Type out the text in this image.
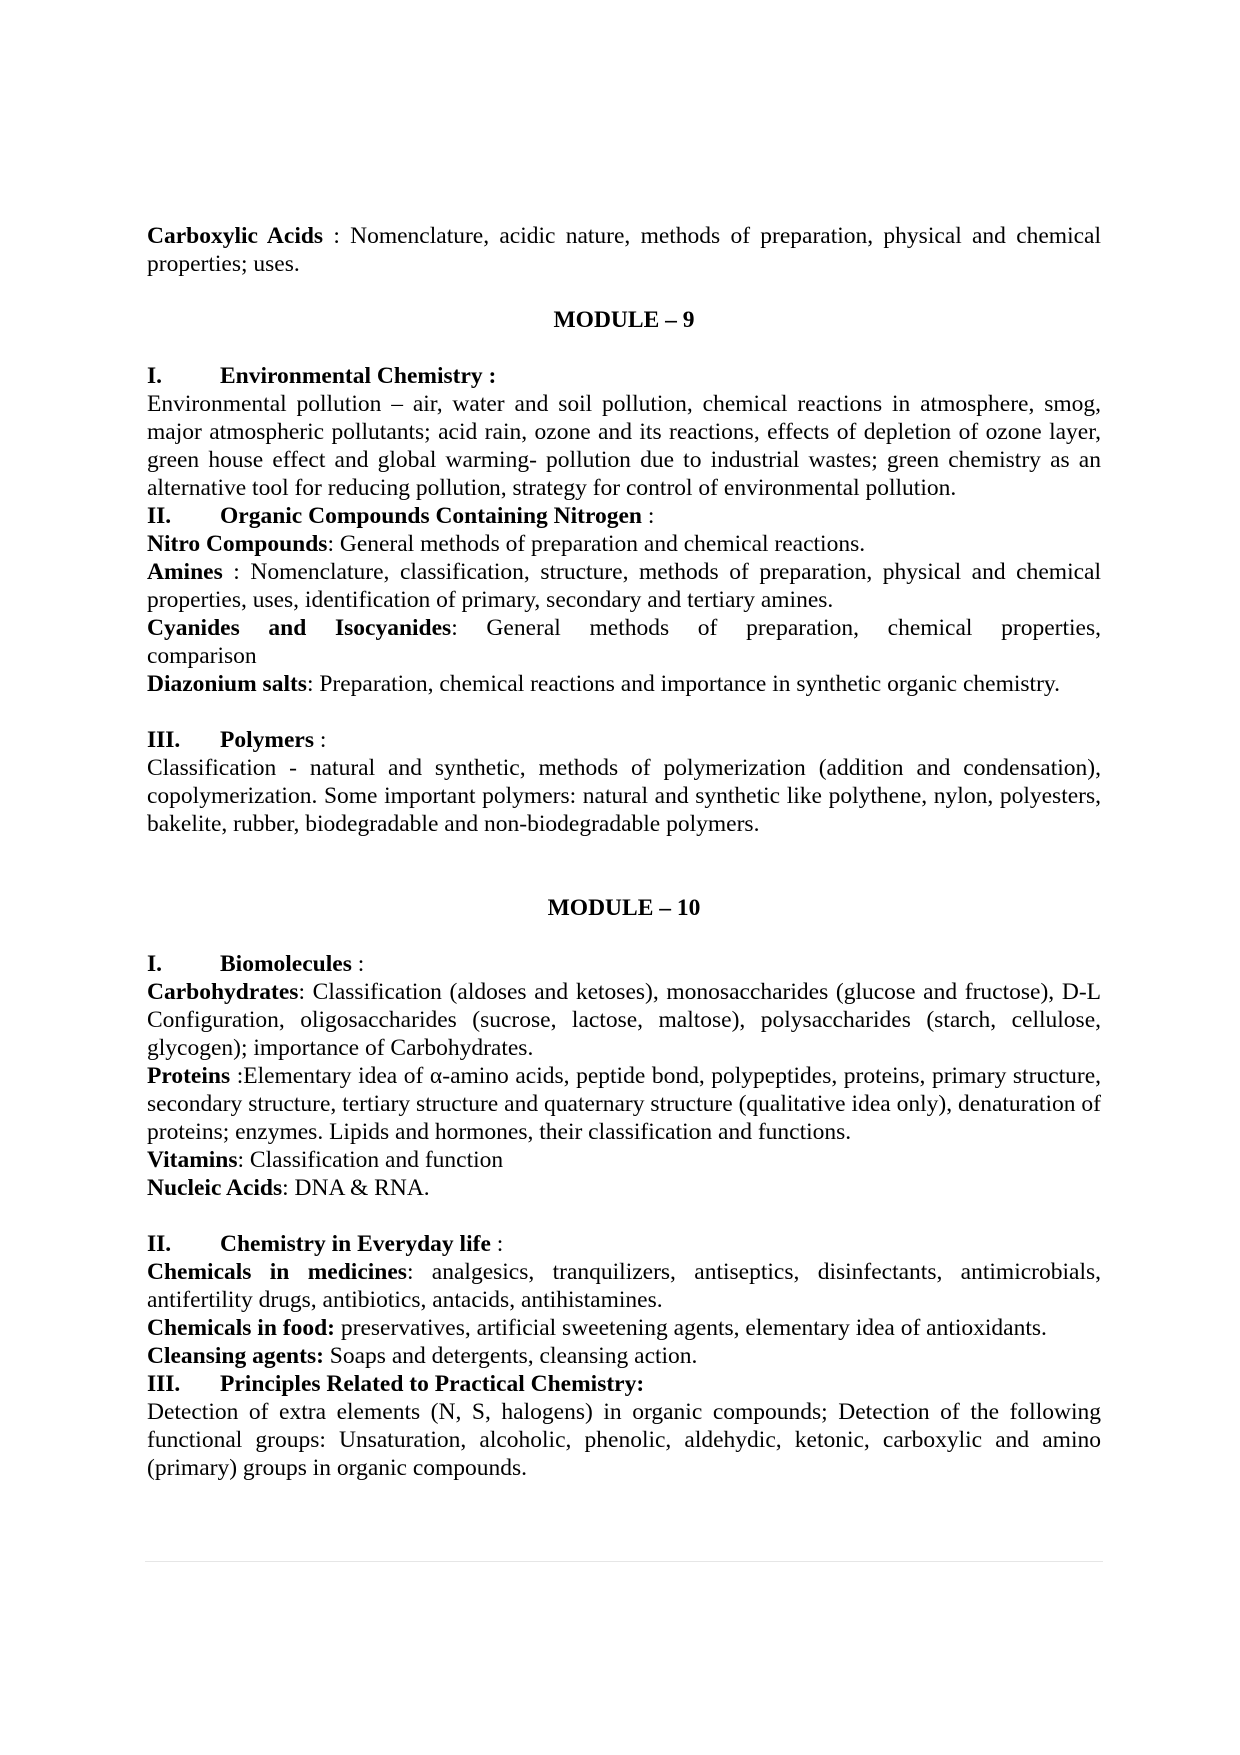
Carboxylic Acids : Nomenclature, acidic nature, methods of preparation, physical and chemical properties; uses.

MODULE – 9

I.	Environmental Chemistry :

Environmental pollution – air, water and soil pollution, chemical reactions in atmosphere, smog, major atmospheric pollutants; acid rain, ozone and its reactions, effects of depletion of ozone layer, green house effect and global warming- pollution due to industrial wastes; green chemistry as an alternative tool for reducing pollution, strategy for control of environmental pollution.

II.	Organic Compounds Containing Nitrogen :

Nitro Compounds: General methods of preparation and chemical reactions.

Amines : Nomenclature, classification, structure, methods of preparation, physical and chemical properties, uses, identification of primary, secondary and tertiary amines.

Cyanides and Isocyanides: General methods of preparation, chemical properties,

comparison

Diazonium salts: Preparation, chemical reactions and importance in synthetic organic chemistry.

III.	Polymers :

Classification - natural and synthetic, methods of polymerization (addition and condensation), copolymerization. Some important polymers: natural and synthetic like polythene, nylon, polyesters, bakelite, rubber, biodegradable and non-biodegradable polymers.

MODULE – 10

I.	Biomolecules :

Carbohydrates: Classification (aldoses and ketoses), monosaccharides (glucose and fructose), D-L Configuration, oligosaccharides (sucrose, lactose, maltose), polysaccharides (starch, cellulose, glycogen); importance of Carbohydrates.

Proteins :Elementary idea of α-amino acids, peptide bond, polypeptides, proteins, primary structure, secondary structure, tertiary structure and quaternary structure (qualitative idea only), denaturation of proteins; enzymes. Lipids and hormones, their classification and functions.

Vitamins: Classification and function

Nucleic Acids: DNA & RNA.

II.	Chemistry in Everyday life :

Chemicals in medicines: analgesics, tranquilizers, antiseptics, disinfectants, antimicrobials, antifertility drugs, antibiotics, antacids, antihistamines.

Chemicals in food: preservatives, artificial sweetening agents, elementary idea of antioxidants.

Cleansing agents: Soaps and detergents, cleansing action.

III.	Principles Related to Practical Chemistry:

Detection of extra elements (N, S, halogens) in organic compounds; Detection of the following functional groups: Unsaturation, alcoholic, phenolic, aldehydic, ketonic, carboxylic and amino (primary) groups in organic compounds.
